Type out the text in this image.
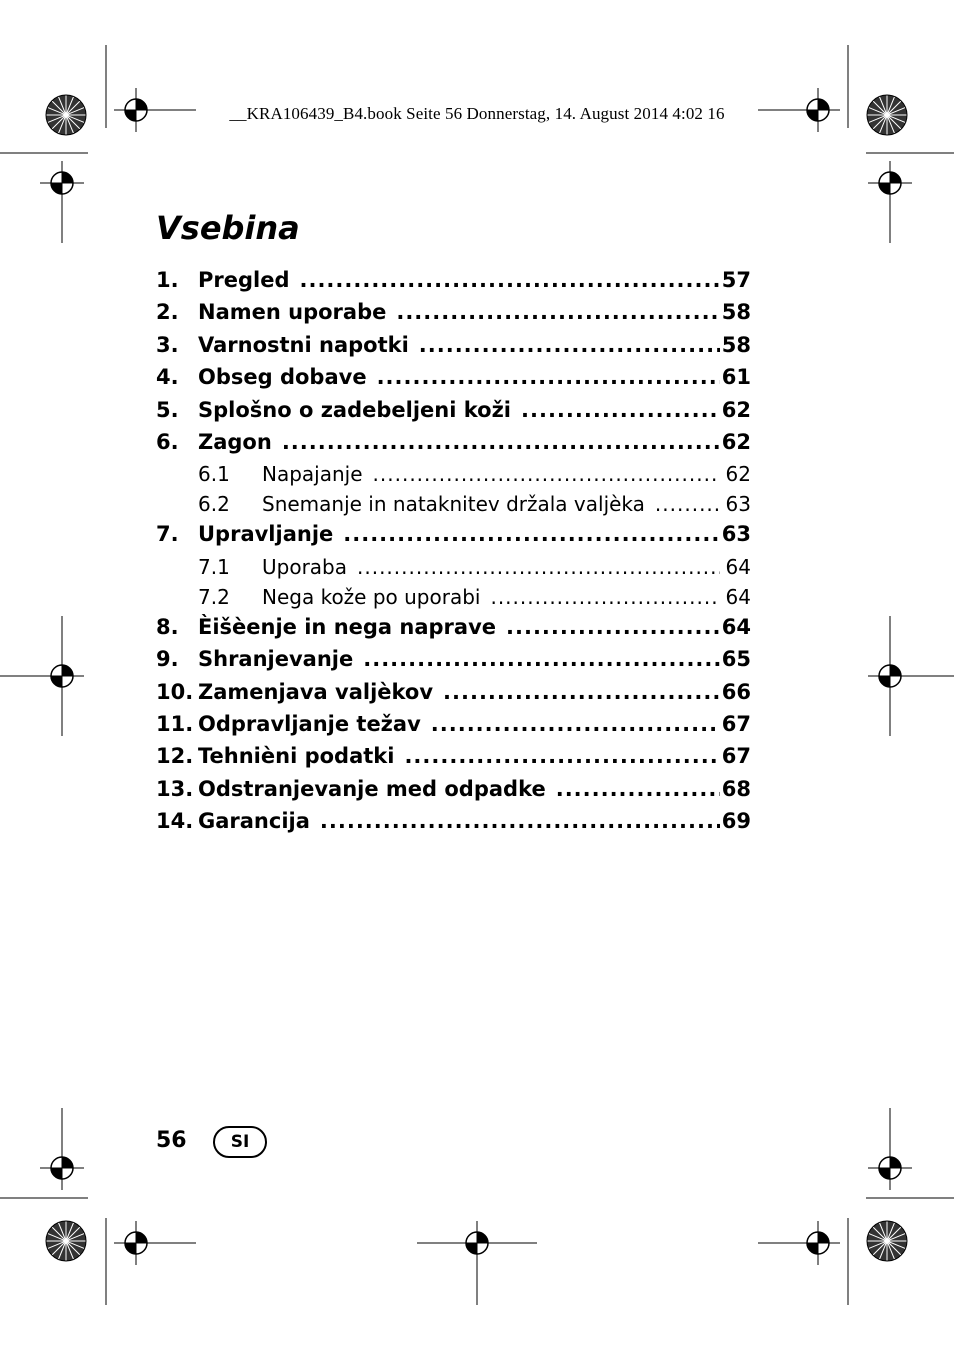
__KRA106439_B4.book Seite 56 Donnerstag, 14. August 2014 4:02 16
Vsebina
1. Pregled .....	57
2. Namen uporabe .....	58
3. Varnostni napotki .....	58
4. Obseg dobave .....	61
5. Splošno o zadebeljeni koži .....	62
6. Zagon .....	62
6.1	Napajanje .....	62
6.2	Snemanje in nataknitev držala valjèka .....	63
7. Upravljanje .....	63
7.1	Uporaba .....	64
7.2	Nega kože po uporabi .....	64
8. Èišèenje in nega naprave .....	64
9. Shranjevanje .....	65
10. Zamenjava valjèkov .....	66
11. Odpravljanje težav .....	67
12. Tehnièni podatki .....	67
13. Odstranjevanje med odpadke .....	68
14. Garancija .....	69
56	SI
